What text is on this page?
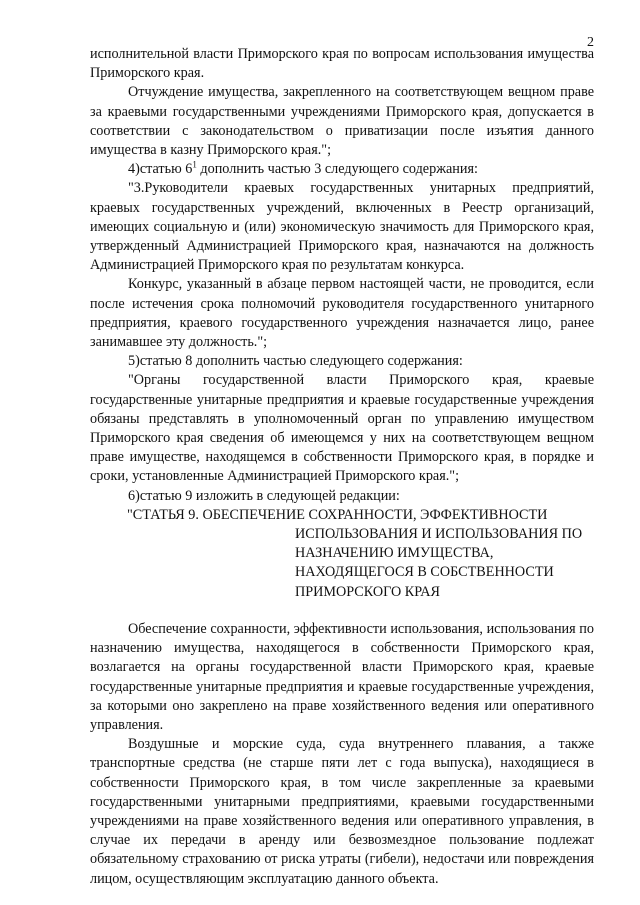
2

исполнительной власти Приморского края по вопросам использования имущества Приморского края.

Отчуждение имущества, закрепленного на соответствующем вещном праве за краевыми государственными учреждениями Приморского края, допускается в соответствии с законодательством о приватизации после изъятия данного имущества в казну Приморского края.";

4)статью $6^1$ дополнить частью 3 следующего содержания:

"3.Руководители краевых государственных унитарных предприятий, краевых государственных учреждений, включенных в Реестр организаций, имеющих социальную и (или) экономическую значимость для Приморского края, утвержденный Администрацией Приморского края, назначаются на должность Администрацией Приморского края по результатам конкурса.

Конкурс, указанный в абзаце первом настоящей части, не проводится, если после истечения срока полномочий руководителя государственного унитарного предприятия, краевого государственного учреждения назначается лицо, ранее занимавшее эту должность.";

5)статью 8 дополнить частью следующего содержания:

"Органы государственной власти Приморского края, краевые государственные унитарные предприятия и краевые государственные учреждения обязаны представлять в уполномоченный орган по управлению имуществом Приморского края сведения об имеющемся у них на соответствующем вещном праве имуществе, находящемся в собственности Приморского края, в порядке и сроки, установленные Администрацией Приморского края.";

6)статью 9 изложить в следующей редакции:

"СТАТЬЯ 9. ОБЕСПЕЧЕНИЕ СОХРАННОСТИ, ЭФФЕКТИВНОСТИ ИСПОЛЬЗОВАНИЯ И ИСПОЛЬЗОВАНИЯ ПО НАЗНАЧЕНИЮ ИМУЩЕСТВА, НАХОДЯЩЕГОСЯ В СОБСТВЕННОСТИ ПРИМОРСКОГО КРАЯ

Обеспечение сохранности, эффективности использования, использования по назначению имущества, находящегося в собственности Приморского края, возлагается на органы государственной власти Приморского края, краевые государственные унитарные предприятия и краевые государственные учреждения, за которыми оно закреплено на праве хозяйственного ведения или оперативного управления.

Воздушные и морские суда, суда внутреннего плавания, а также транспортные средства (не старше пяти лет с года выпуска), находящиеся в собственности Приморского края, в том числе закрепленные за краевыми государственными унитарными предприятиями, краевыми государственными учреждениями на праве хозяйственного ведения или оперативного управления, в случае их передачи в аренду или безвозмездное пользование подлежат обязательному страхованию от риска утраты (гибели), недостачи или повреждения лицом, осуществляющим эксплуатацию данного объекта.
